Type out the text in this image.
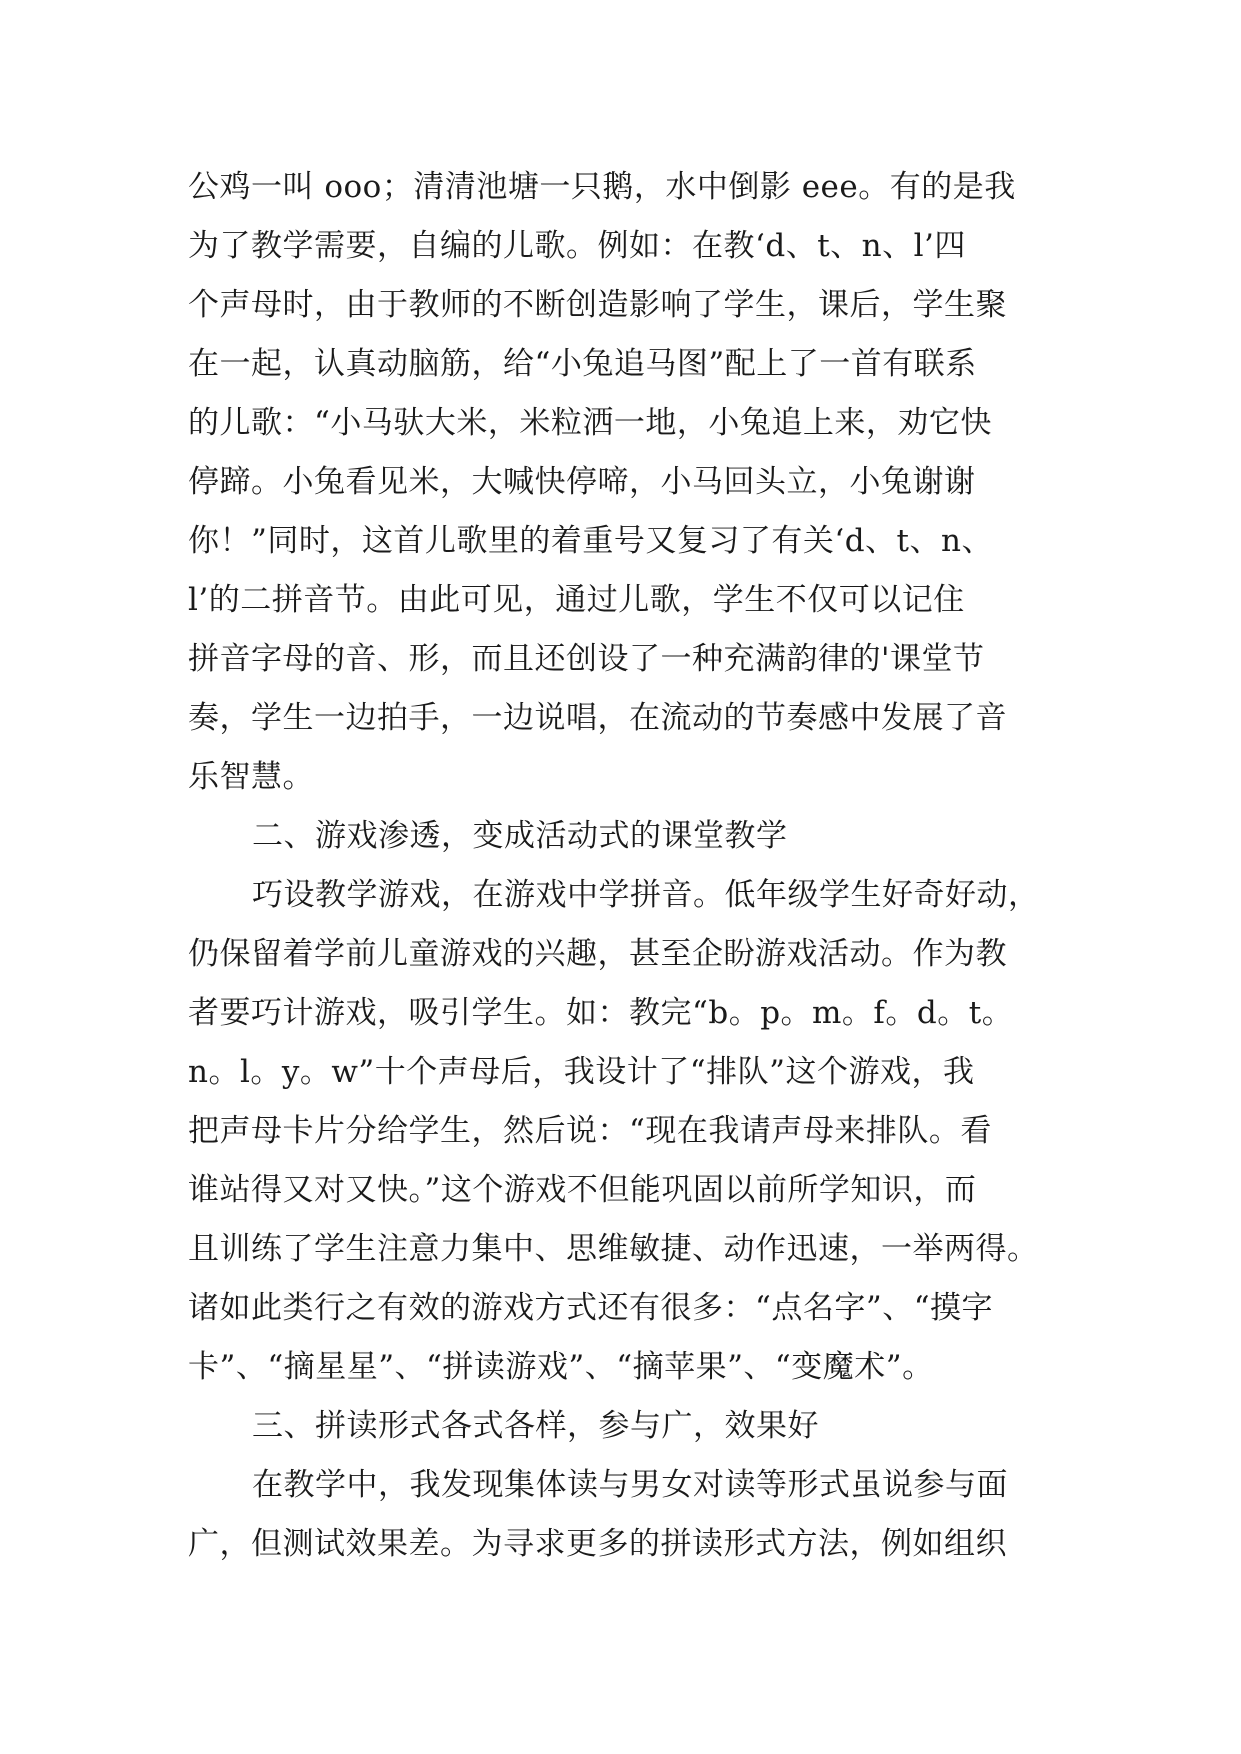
公鸡一叫 ooo；清清池塘一只鹅，水中倒影 eee。有的是我
为了教学需要，自编的儿歌。例如：在教‘d、t、n、l’四
个声母时，由于教师的不断创造影响了学生，课后，学生聚
在一起，认真动脑筋，给“小兔追马图”配上了一首有联系
的儿歌：“小马驮大米，米粒洒一地，小兔追上来，劝它快
停蹄。小兔看见米，大喊快停啼，小马回头立，小兔谢谢
你！”同时，这首儿歌里的着重号又复习了有关‘d、t、n、
l’的二拼音节。由此可见，通过儿歌，学生不仅可以记住
拼音字母的音、形，而且还创设了一种充满韵律的'课堂节
奏，学生一边拍手，一边说唱，在流动的节奏感中发展了音
乐智慧。
二、游戏渗透，变成活动式的课堂教学
巧设教学游戏，在游戏中学拼音。低年级学生好奇好动，
仍保留着学前儿童游戏的兴趣，甚至企盼游戏活动。作为教
者要巧计游戏，吸引学生。如：教完“b。p。m。f。d。t。
n。l。y。w”十个声母后，我设计了“排队”这个游戏，我
把声母卡片分给学生，然后说：“现在我请声母来排队。看
谁站得又对又快。”这个游戏不但能巩固以前所学知识，而
且训练了学生注意力集中、思维敏捷、动作迅速，一举两得。
诸如此类行之有效的游戏方式还有很多：“点名字”、“摸字
卡”、“摘星星”、“拼读游戏”、“摘苹果”、“变魔术”。
三、拼读形式各式各样，参与广，效果好
在教学中，我发现集体读与男女对读等形式虽说参与面
广，但测试效果差。为寻求更多的拼读形式方法，例如组织
